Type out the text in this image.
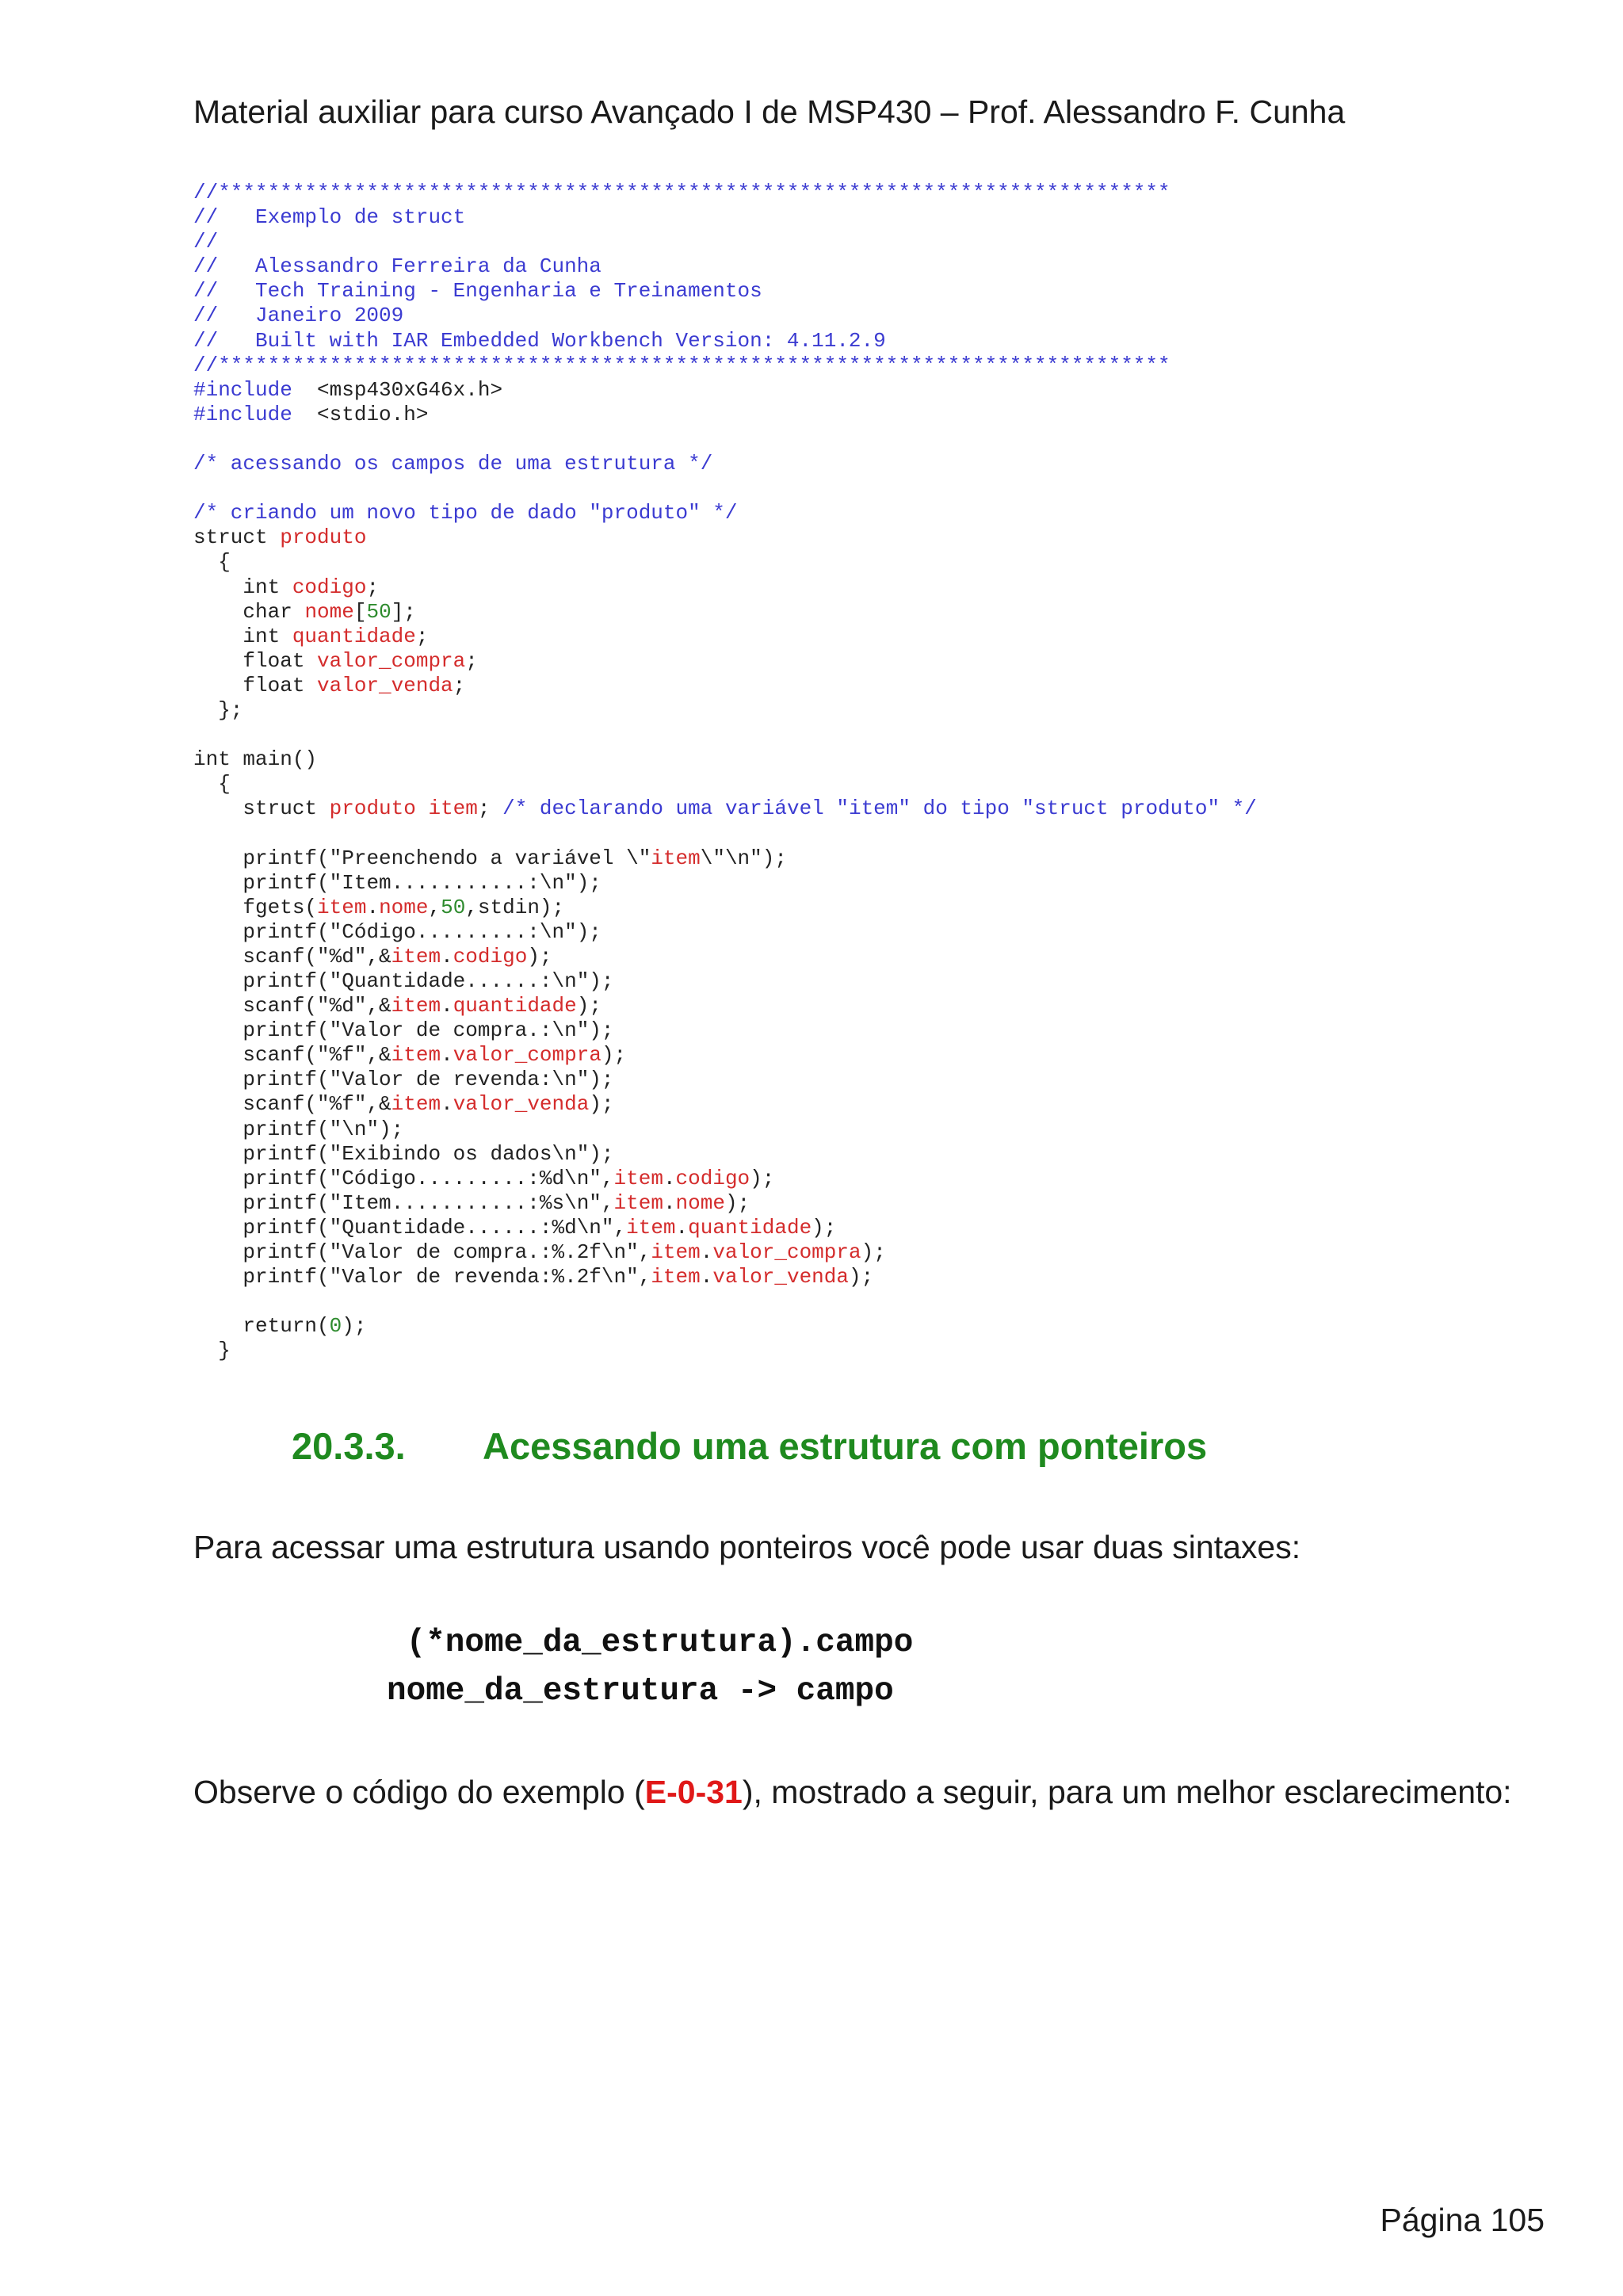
Material auxiliar para curso Avançado I de MSP430 – Prof. Alessandro F. Cunha
//*****************************************************************************
//   Exemplo de struct
//
//   Alessandro Ferreira da Cunha
//   Tech Training - Engenharia e Treinamentos
//   Janeiro 2009
//   Built with IAR Embedded Workbench Version: 4.11.2.9
//*****************************************************************************
#include  <msp430xG46x.h>
#include  <stdio.h>

/* acessando os campos de uma estrutura */

/* criando um novo tipo de dado "produto" */
struct produto
{
int codigo;
char nome[50];
int quantidade;
float valor_compra;
float valor_venda;
};

int main()
{
struct produto item; /* declarando uma variável "item" do tipo "struct produto" */

printf("Preenchendo a variável \"item\"\n");
printf("Item...........:\n");
fgets(item.nome,50,stdin);
printf("Código.........:\n");
scanf("%d",&item.codigo);
printf("Quantidade......:\n");
scanf("%d",&item.quantidade);
printf("Valor de compra.:\n");
scanf("%f",&item.valor_compra);
printf("Valor de revenda:\n");
scanf("%f",&item.valor_venda);
printf("\n");
printf("Exibindo os dados\n");
printf("Código.........:%d\n",item.codigo);
printf("Item...........:%s\n",item.nome);
printf("Quantidade......:%d\n",item.quantidade);
printf("Valor de compra.:%.2f\n",item.valor_compra);
printf("Valor de revenda:%.2f\n",item.valor_venda);

return(0);
}
20.3.3. Acessando uma estrutura com ponteiros
Para acessar uma estrutura usando ponteiros você pode usar duas sintaxes:
(*nome_da_estrutura).campo
nome_da_estrutura -> campo
Observe o código do exemplo (E-0-31), mostrado a seguir, para um melhor esclarecimento:
Página 105
